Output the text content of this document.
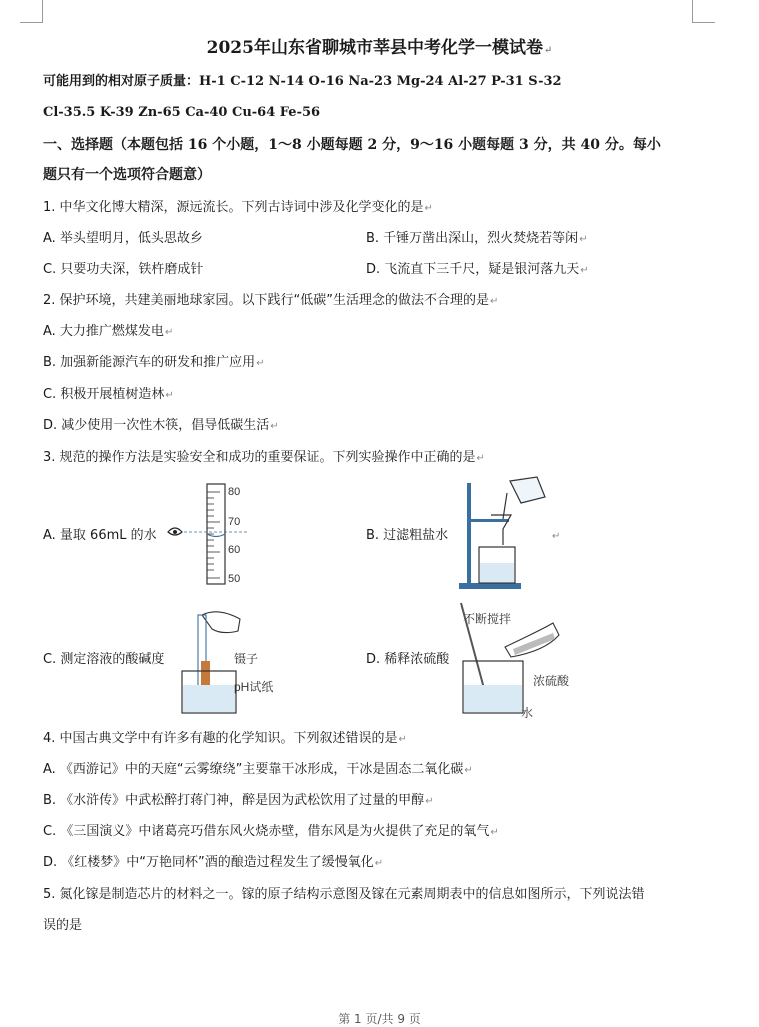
2025年山东省聊城市莘县中考化学一模试卷↵
可能用到的相对原子质量：H-1 C-12 N-14 O-16 Na-23 Mg-24 Al-27 P-31 S-32
Cl-35.5 K-39 Zn-65 Ca-40 Cu-64 Fe-56
一、选择题（本题包括 16 个小题，1～8 小题每题 2 分，9～16 小题每题 3 分，共 40 分。每小
题只有一个选项符合题意）
1. 中华文化博大精深，源远流长。下列古诗词中涉及化学变化的是↵
A. 举头望明月，低头思故乡	B. 千锤万凿出深山，烈火焚烧若等闲↵
C. 只要功夫深，铁杵磨成针	D. 飞流直下三千尺，疑是银河落九天↵
2. 保护环境，共建美丽地球家园。以下践行“低碳”生活理念的做法不合理的是↵
A. 大力推广燃煤发电↵
B. 加强新能源汽车的研发和推广应用↵
C. 积极开展植树造林↵
D. 减少使用一次性木筷，倡导低碳生活↵
3. 规范的操作方法是实验安全和成功的重要保证。下列实验操作中正确的是↵
A. 量取 66mL 的水	B. 过滤粗盐水
C. 测定溶液的酸碱度	D. 稀释浓硫酸
↵
80
70
60
50
镊子
pH试纸
不断搅拌
浓硫酸
水
4. 中国古典文学中有许多有趣的化学知识。下列叙述错误的是↵
A. 《西游记》中的天庭“云雾缭绕”主要靠干冰形成，干冰是固态二氧化碳↵
B. 《水浒传》中武松醉打蒋门神，醉是因为武松饮用了过量的甲醇↵
C. 《三国演义》中诸葛亮巧借东风火烧赤壁，借东风是为火提供了充足的氧气↵
D. 《红楼梦》中“万艳同杯”酒的酿造过程发生了缓慢氧化↵
5. 氮化镓是制造芯片的材料之一。镓的原子结构示意图及镓在元素周期表中的信息如图所示，下列说法错
误的是
第 1 页/共 9 页
